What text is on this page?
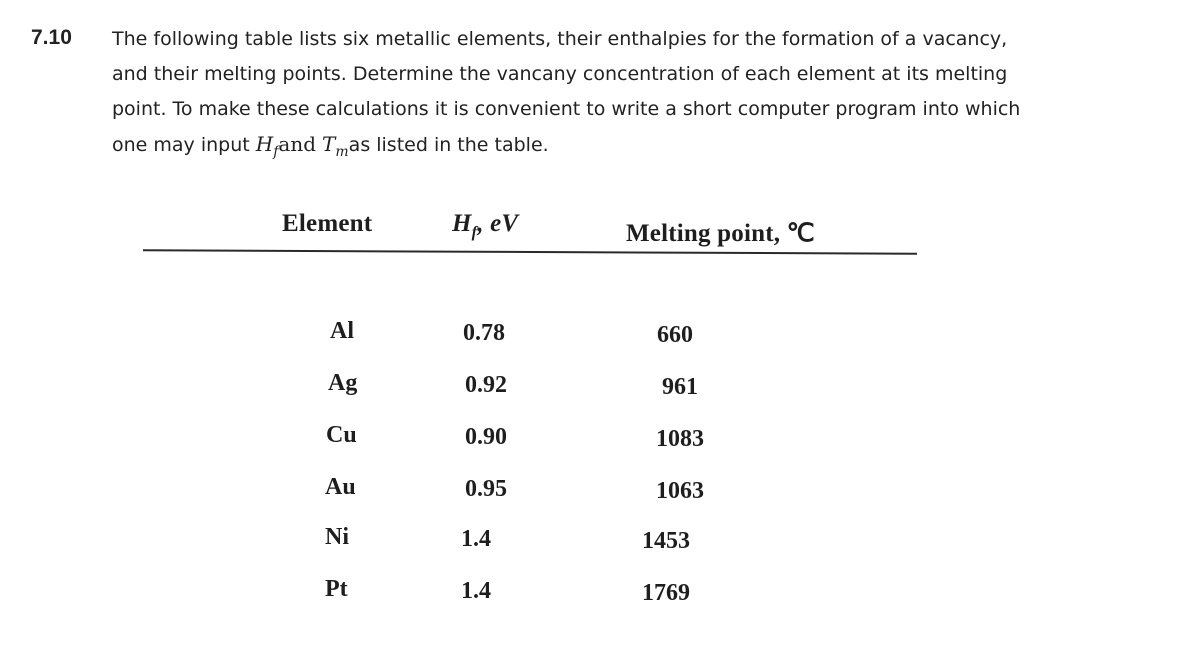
7.10 The following table lists six metallic elements, their enthalpies for the formation of a vacancy,
and their melting points. Determine the vancany concentration of each element at its melting
point. To make these calculations it is convenient to write a short computer program into which
one may input $H_fand$ $T_mas$ listed in the table.
Element	$H_f$, eV	Melting point, ℃
Al	0.78	660
Ag	0.92	961
Cu	0.90	1083
Au	0.95	1063
Ni	1.4	1453
Pt	1.4	1769
